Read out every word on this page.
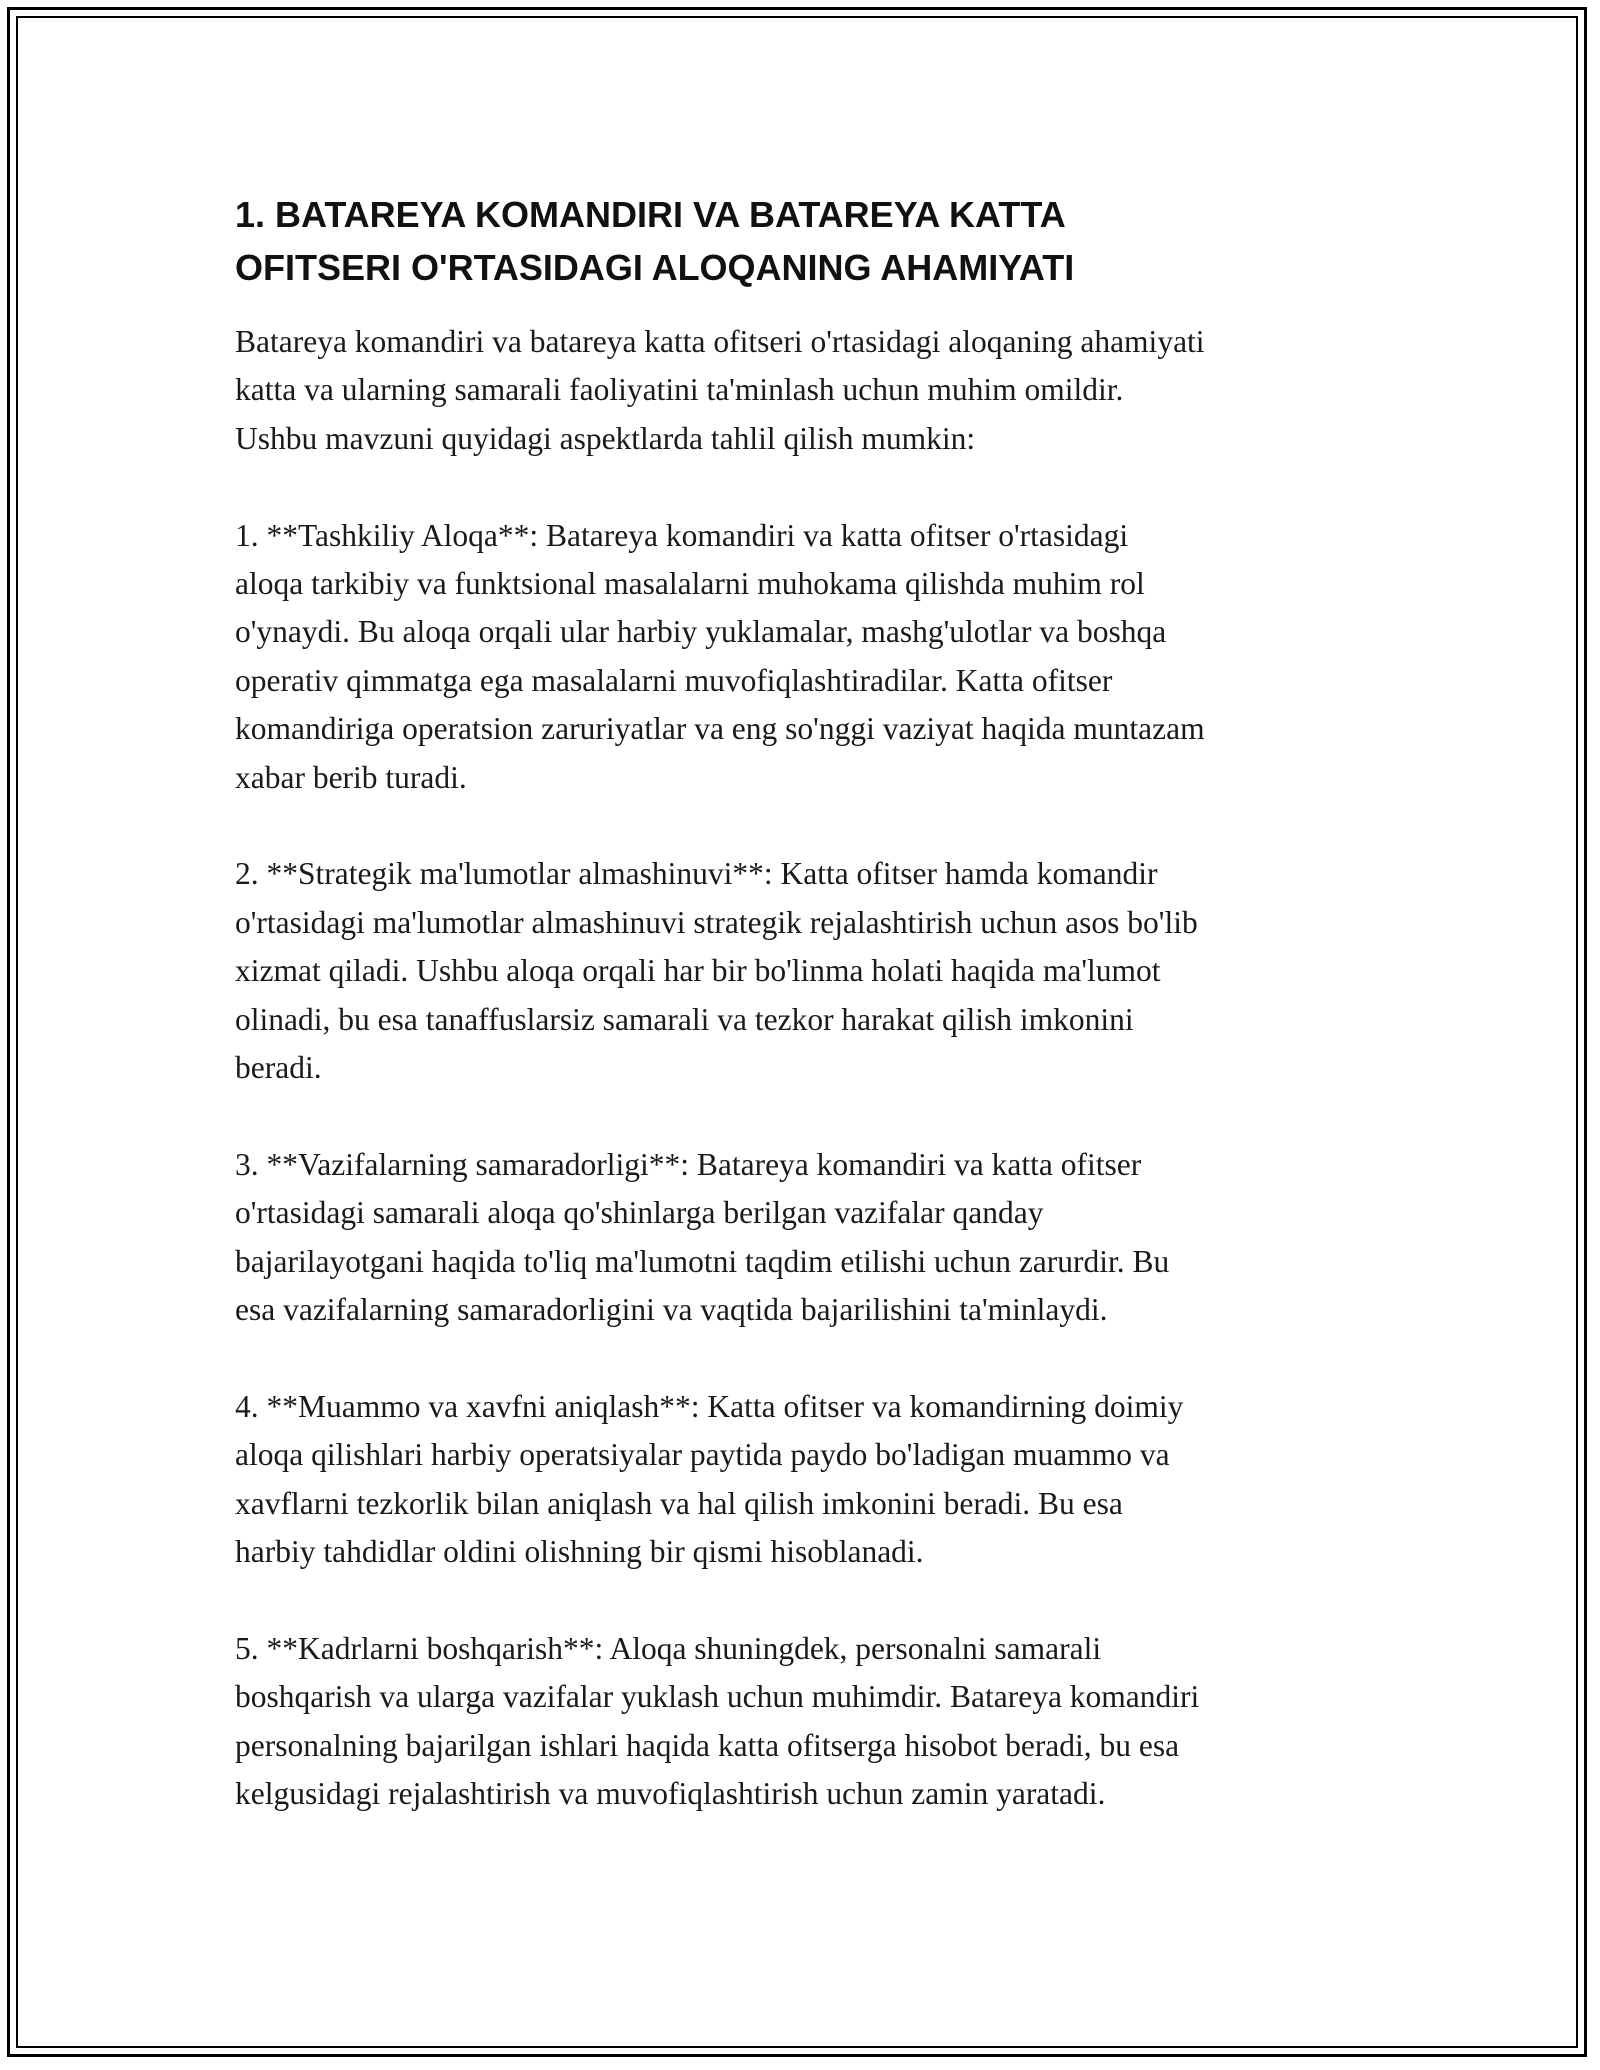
1. BATAREYA KOMANDIRI VA BATAREYA KATTA
OFITSERI O'RTASIDAGI ALOQANING AHAMIYATI

Batareya komandiri va batareya katta ofitseri o'rtasidagi aloqaning ahamiyati
katta va ularning samarali faoliyatini ta'minlash uchun muhim omildir.
Ushbu mavzuni quyidagi aspektlarda tahlil qilish mumkin:

1. **Tashkiliy Aloqa**: Batareya komandiri va katta ofitser o'rtasidagi
aloqa tarkibiy va funktsional masalalarni muhokama qilishda muhim rol
o'ynaydi. Bu aloqa orqali ular harbiy yuklamalar, mashg'ulotlar va boshqa
operativ qimmatga ega masalalarni muvofiqlashtiradilar. Katta ofitser
komandiriga operatsion zaruriyatlar va eng so'nggi vaziyat haqida muntazam
xabar berib turadi.

2. **Strategik ma'lumotlar almashinuvi**: Katta ofitser hamda komandir
o'rtasidagi ma'lumotlar almashinuvi strategik rejalashtirish uchun asos bo'lib
xizmat qiladi. Ushbu aloqa orqali har bir bo'linma holati haqida ma'lumot
olinadi, bu esa tanaffuslarsiz samarali va tezkor harakat qilish imkonini
beradi.

3. **Vazifalarning samaradorligi**: Batareya komandiri va katta ofitser
o'rtasidagi samarali aloqa qo'shinlarga berilgan vazifalar qanday
bajarilayotgani haqida to'liq ma'lumotni taqdim etilishi uchun zarurdir. Bu
esa vazifalarning samaradorligini va vaqtida bajarilishini ta'minlaydi.

4. **Muammo va xavfni aniqlash**: Katta ofitser va komandirning doimiy
aloqa qilishlari harbiy operatsiyalar paytida paydo bo'ladigan muammo va
xavflarni tezkorlik bilan aniqlash va hal qilish imkonini beradi. Bu esa
harbiy tahdidlar oldini olishning bir qismi hisoblanadi.

5. **Kadrlarni boshqarish**: Aloqa shuningdek, personalni samarali
boshqarish va ularga vazifalar yuklash uchun muhimdir. Batareya komandiri
personalning bajarilgan ishlari haqida katta ofitserga hisobot beradi, bu esa
kelgusidagi rejalashtirish va muvofiqlashtirish uchun zamin yaratadi.
